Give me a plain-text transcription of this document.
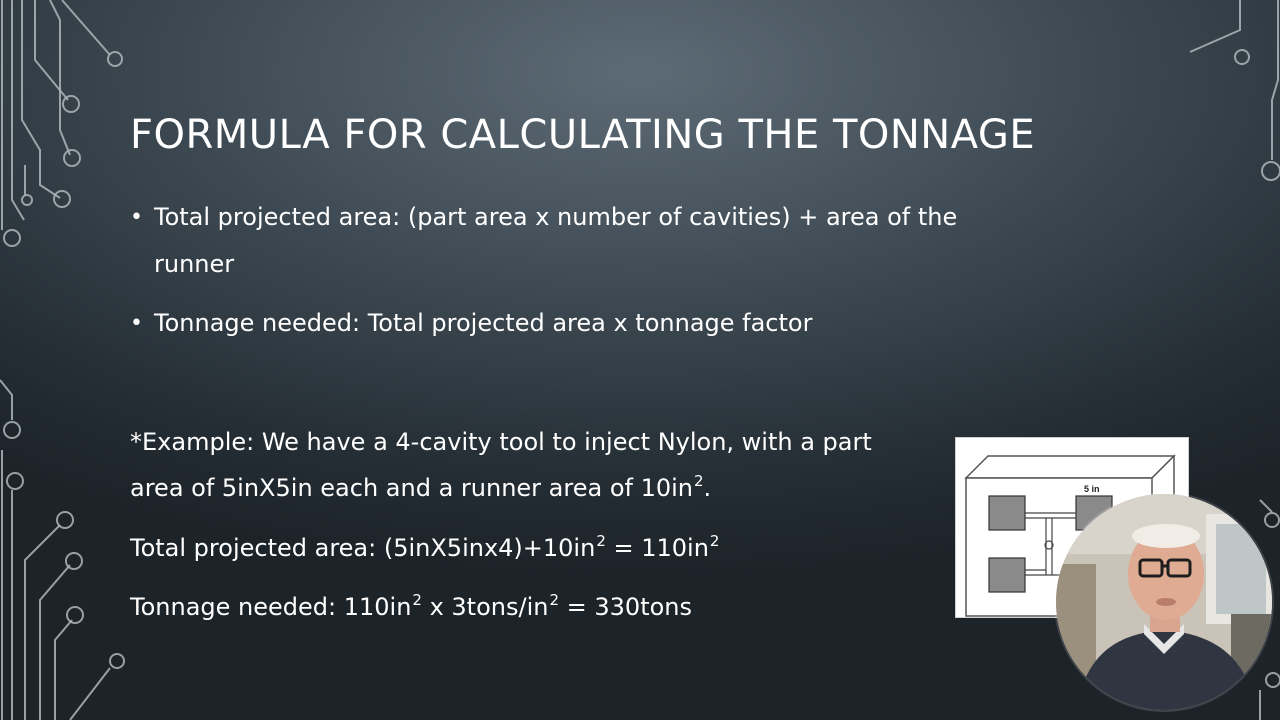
FORMULA FOR CALCULATING THE TONNAGE
• Total projected area: (part area x number of cavities) + area of the runner
• Tonnage needed: Total projected area x tonnage factor
*Example: We have a 4-cavity tool to inject Nylon, with a part
area of 5inX5in each and a runner area of $10in^2$.
Total projected area: $(5inX5inx4)+10in^2 = 110in^2$
Tonnage needed: $110in^2$ x $3tons/in^2$ = 330tons
5 in
